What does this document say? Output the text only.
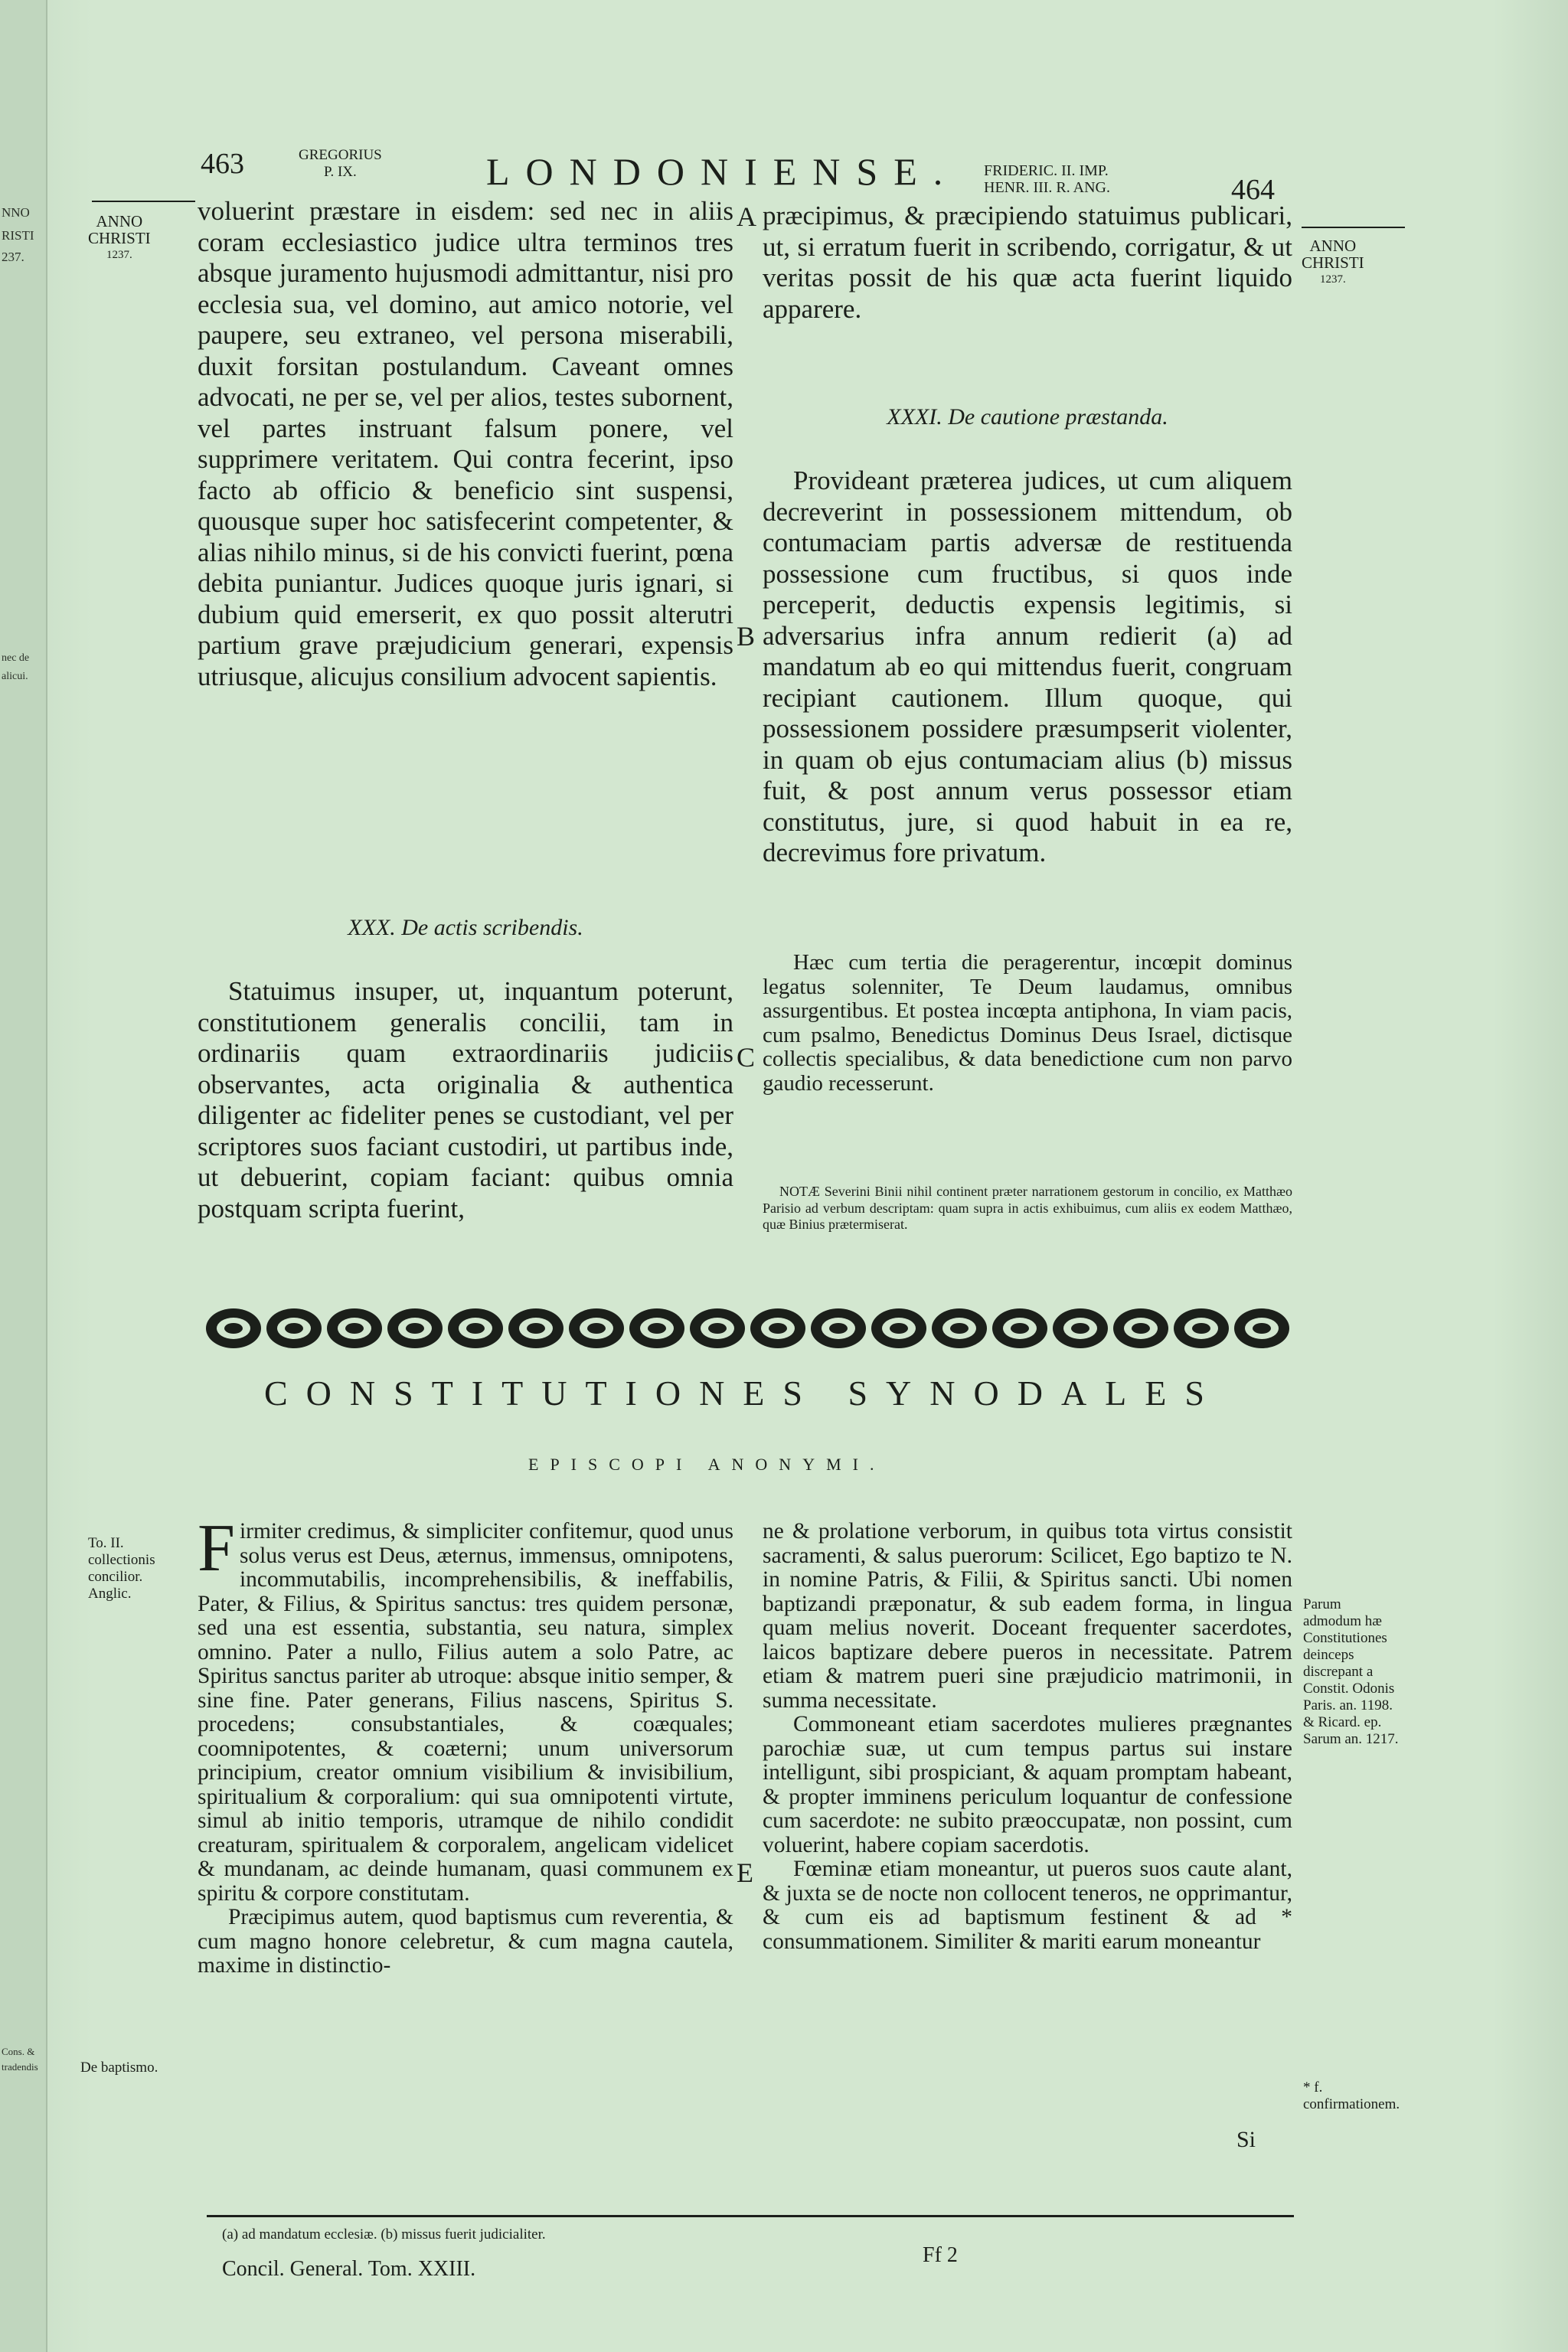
NNO
RISTI
237.
nec de
alicui.
Cons. &
tradendis
463	GREGORIUS
P. IX.	LONDONIENSE. FRIDERIC. II. IMP.
HENR. III. R. ANG.	464
ANNO
CHRISTI
1237.	ANNO
CHRISTI
1237.
A
B
C
E
voluerint præstare in eisdem: sed nec in aliis coram ecclesiastico judice ultra terminos tres absque juramento hujusmodi admittantur, nisi pro ecclesia sua, vel domino, aut amico notorie, vel paupere, seu extraneo, vel persona miserabili, duxit forsitan postulandum. Caveant omnes advocati, ne per se, vel per alios, testes subornent, vel partes instruant falsum ponere, vel supprimere veritatem. Qui contra fecerint, ipso facto ab officio & beneficio sint suspensi, quousque super hoc satisfecerint competenter, & alias nihilo minus, si de his convicti fuerint, pœna debita puniantur. Judices quoque juris ignari, si dubium quid emerserit, ex quo possit alterutri partium grave præjudicium generari, expensis utriusque, alicujus consilium advocent sapientis.
XXX. De actis scribendis.
Statuimus insuper, ut, inquantum poterunt, constitutionem generalis concilii, tam in ordinariis quam extraordinariis judiciis observantes, acta originalia & authentica diligenter ac fideliter penes se custodiant, vel per scriptores suos faciant custodiri, ut partibus inde, ut debuerint, copiam faciant: quibus omnia postquam scripta fuerint,
præcipimus, & præcipiendo statuimus publicari, ut, si erratum fuerit in scribendo, corrigatur, & ut veritas possit de his quæ acta fuerint liquido apparere.
XXXI. De cautione præstanda.
Provideant præterea judices, ut cum aliquem decreverint in possessionem mittendum, ob contumaciam partis adversæ de restituenda possessione cum fructibus, si quos inde perceperit, deductis expensis legitimis, si adversarius infra annum redierit (a) ad mandatum ab eo qui mittendus fuerit, congruam recipiant cautionem. Illum quoque, qui possessionem possidere præsumpserit violenter, in quam ob ejus contumaciam alius (b) missus fuit, & post annum verus possessor etiam constitutus, jure, si quod habuit in ea re, decrevimus fore privatum.
Hæc cum tertia die peragerentur, incœpit dominus legatus solenniter, Te Deum laudamus, omnibus assurgentibus. Et postea incœpta antiphona, In viam pacis, cum psalmo, Benedictus Dominus Deus Israel, dictisque collectis specialibus, & data benedictione cum non parvo gaudio recesserunt.
NOTÆ Severini Binii nihil continent præter narrationem gestorum in concilio, ex Matthæo Parisio ad verbum descriptam: quam supra in actis exhibuimus, cum aliis ex eodem Matthæo, quæ Binius prætermiserat.
CONSTITUTIONES SYNODALES
EPISCOPI ANONYMI.
To. II. collectionis concilior. Anglic.
De baptismo.
Parum admodum hæ Constitutiones deinceps discrepant a Constit. Odonis Paris. an. 1198. & Ricard. ep. Sarum an. 1217.
* f. confirmationem.
F irmiter credimus, & simpliciter confitemur, quod unus solus verus est Deus, æternus, immensus, omnipotens, incommutabilis, incomprehensibilis, & ineffabilis, Pater, & Filius, & Spiritus sanctus: tres quidem personæ, sed una est essentia, substantia, seu natura, simplex omnino. Pater a nullo, Filius autem a solo Patre, ac Spiritus sanctus pariter ab utroque: absque initio semper, & sine fine. Pater generans, Filius nascens, Spiritus S. procedens; consubstantiales, & coæquales; coomnipotentes, & coæterni; unum universorum principium, creator omnium visibilium & invisibilium, spiritualium & corporalium: qui sua omnipotenti virtute, simul ab initio temporis, utramque de nihilo condidit creaturam, spiritualem & corporalem, angelicam videlicet & mundanam, ac deinde humanam, quasi communem ex spiritu & corpore constitutam.

Præcipimus autem, quod baptismus cum reverentia, & cum magno honore celebretur, & cum magna cautela, maxime in distinctio-

ne & prolatione verborum, in quibus tota virtus consistit sacramenti, & salus puerorum: Scilicet, Ego baptizo te N. in nomine Patris, & Filii, & Spiritus sancti. Ubi nomen baptizandi præponatur, & sub eadem forma, in lingua quam melius noverit. Doceant frequenter sacerdotes, laicos baptizare debere pueros in necessitate. Patrem etiam & matrem pueri sine præjudicio matrimonii, in summa necessitate.

Commoneant etiam sacerdotes mulieres prægnantes parochiæ suæ, ut cum tempus partus sui instare intelligunt, sibi prospiciant, & aquam promptam habeant, & propter imminens periculum loquantur de confessione cum sacerdote: ne subito præoccupatæ, non possint, cum voluerint, habere copiam sacerdotis.

Fœminæ etiam moneantur, ut pueros suos caute alant, & juxta se de nocte non collocent teneros, ne opprimantur, & cum eis ad baptismum festinent & ad * consummationem. Similiter & mariti earum moneantur

Si
(a) ad mandatum ecclesiæ. (b) missus fuerit judicialiter.
Concil. General. Tom. XXIII.
Ff 2
